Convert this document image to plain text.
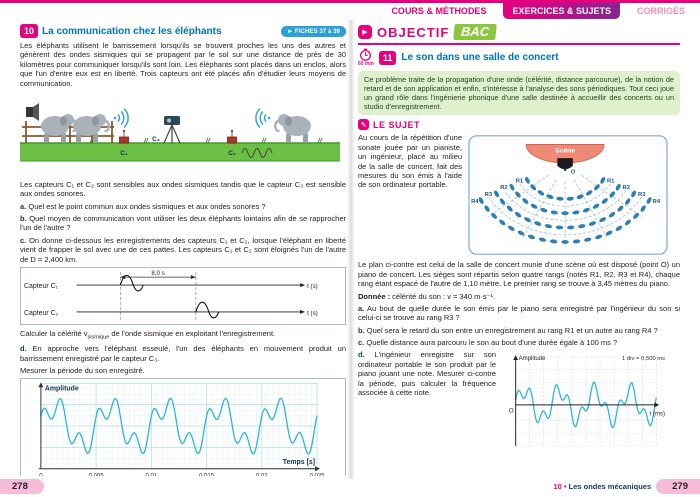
COURS & MÉTHODES	EXERCICES & SUJETS	CORRIGÉS
10 La communication chez les éléphants	► FICHES 37 à 39

Les éléphants utilisent le barrissement lorsqu'ils se trouvent proches les uns des autres et génèrent des ondes sismiques qui se propagent par le sol sur une distance de près de 30 kilomètres pour communiquer lorsqu'ils sont loin. Les éléphants sont placés dans un enclos, alors que l'un d'entre eux est en liberté. Trois capteurs ont été placés afin d'étudier leurs moyens de communication.

C₁	C₂
C₃

Les capteurs C₁ et C₂ sont sensibles aux ondes sismiques tandis que le capteur C₃ est sensible aux ondes sonores.

a. Quel est le point commun aux ondes sismiques et aux ondes sonores ?

b. Quel moyen de communication vont utiliser les deux éléphants lointains afin de se rapprocher l'un de l'autre ?

c. On donne ci-dessous les enregistrements des capteurs C₁ et C₂, lorsque l'éléphant en liberté vient de frapper le sol avec une de ces pattes. Les capteurs C₁ et C₂ sont éloignés l'un de l'autre de D = 2,400 km.

8,0 s
Capteur C₁
Capteur C₂
t (s)
t (s)

Calculer la célérité $v_{sismique}$ de l'onde sismique en exploitant l'enregistrement.

d. En approche vers l'éléphant esseulé, l'un des éléphants en mouvement produit un barrissement enregistré par le capteur C₃.

Mesurer la période du son enregistré.

Amplitude
Temps [s]

▶ OBJECTIF BAC
60 min
11 Le son dans une salle de concert

Ce problème traite de la propagation d'une onde (célérité, distance parcourue), de la notion de retard et de son application et enfin, s'intéresse à l'analyse des sons périodiques. Tout ceci joue un grand rôle dans l'ingénierie phonique d'une salle destinée à accueillir des concerts ou un studio d'enregistrement.

✎ LE SUJET

Au cours de la répétition d'une sonate jouée par un pianiste, un ingénieur, placé au milieu de la salle de concert, fait des mesures du son émis à l'aide de son ordinateur portable.

Scène
O
R1
R2
R3
R4
R1
R2
R3
R4

Le plan ci-contre est celui de la salle de concert munie d'une scène où est disposé (point O) un piano de concert. Les sièges sont répartis selon quatre rangs (notés R1, R2, R3 et R4), chaque rang étant espacé de l'autre de 1,10 mètre. Le premier rang se trouve à 3,45 mètres du piano.

Donnée : célérité du son : v = 340 m·s⁻¹.

a. Au bout de quelle durée le son émis par le piano sera enregistré par l'ingénieur du son si celui-ci se trouve au rang R3 ?

b. Quel sera le retard du son entre un enregistrement au rang R1 et un autre au rang R4 ?

c. Quelle distance aura parcouru le son au bout d'une durée égale à 100 ms ?

d. L'ingénieur enregistre sur son ordinateur portable le son produit par le piano jouant une note. Mesurer ci-contre la période, puis calculer la fréquence associée à cette note.

Amplitude	1 div = 0,500 ms
t (ms)
O
278	10 • Les ondes mécaniques	279
